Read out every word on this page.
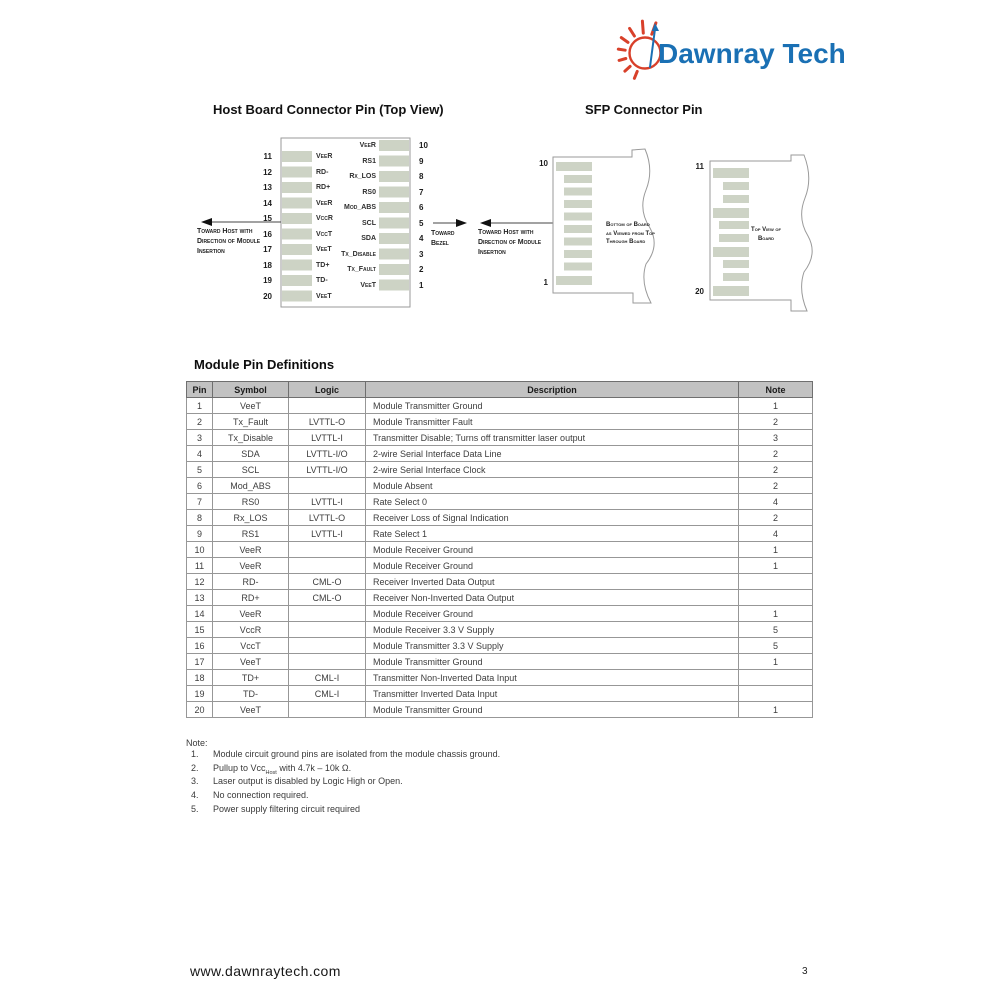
Dawnray Tech
Host Board Connector Pin (Top View)	SFP Connector Pin
11	VeeR
12	RD-
13	RD+
14	VeeR
15	VccR
16	VccT
17	VeeT
18	TD+
19	TD-
20	VeeT
VeeR	10
RS1	9
Rx_LOS	8
RS0	7
Mod_ABS	6
SCL	5
SDA	4
Tx_Disable	3
Tx_Fault	2
VeeT	1
Toward Host with Direction of Module Insertion
Toward Bezel
Toward Host with Direction of Module Insertion
10
1
11
20
Bottom of Board as Viewed from Top Through Board
Top View of Board
Module Pin Definitions
Pin	Symbol	Logic	Description	Note
1	VeeT		Module Transmitter Ground	1
2	Tx_Fault	LVTTL-O	Module Transmitter Fault	2
3	Tx_Disable	LVTTL-I	Transmitter Disable; Turns off transmitter laser output	3
4	SDA	LVTTL-I/O	2-wire Serial Interface Data Line	2
5	SCL	LVTTL-I/O	2-wire Serial Interface Clock	2
6	Mod_ABS		Module Absent	2
7	RS0	LVTTL-I	Rate Select 0	4
8	Rx_LOS	LVTTL-O	Receiver Loss of Signal Indication	2
9	RS1	LVTTL-I	Rate Select 1	4
10	VeeR		Module Receiver Ground	1
11	VeeR		Module Receiver Ground	1
12	RD-	CML-O	Receiver Inverted Data Output	
13	RD+	CML-O	Receiver Non-Inverted Data Output	
14	VeeR		Module Receiver Ground	1
15	VccR		Module Receiver 3.3 V Supply	5
16	VccT		Module Transmitter 3.3 V Supply	5
17	VeeT		Module Transmitter Ground	1
18	TD+	CML-I	Transmitter Non-Inverted Data Input	
19	TD-	CML-I	Transmitter Inverted Data Input	
20	VeeT		Module Transmitter Ground	1
Note:
1.	Module circuit ground pins are isolated from the module chassis ground.
2.	Pullup to Vcc$_{Host}$ with 4.7k – 10k Ω.
3.	Laser output is disabled by Logic High or Open.
4.	No connection required.
5.	Power supply filtering circuit required
www.dawnraytech.com	3
